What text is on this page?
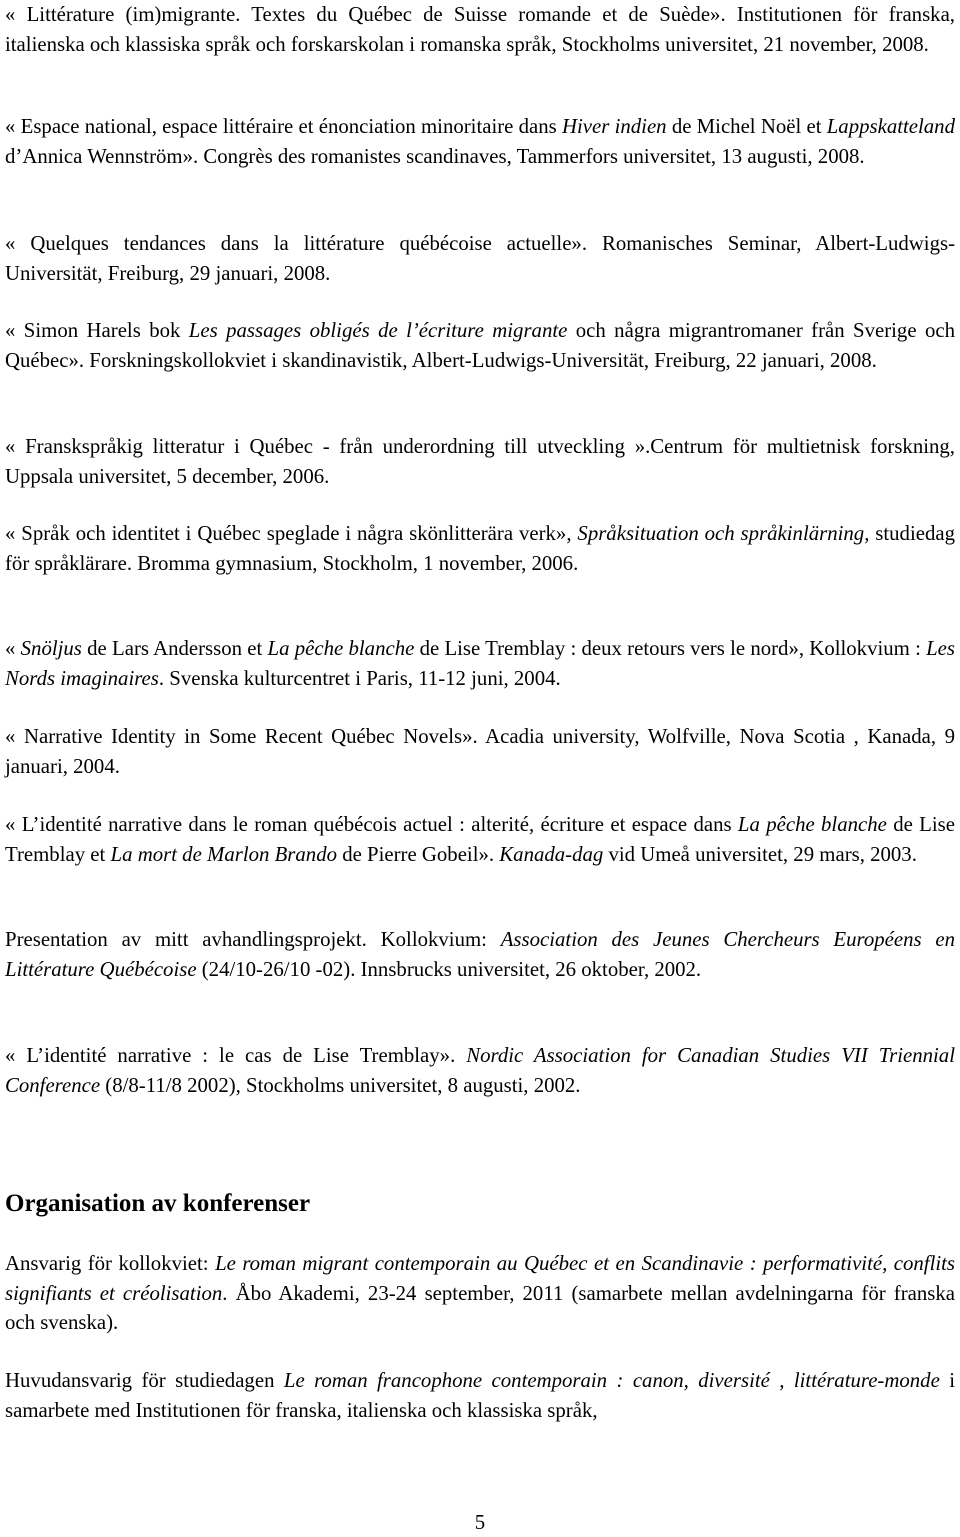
« Littérature (im)migrante. Textes du Québec de Suisse romande et de Suède». Institutionen för franska, italienska och klassiska språk och forskarskolan i romanska språk, Stockholms universitet, 21 november, 2008.

« Espace national, espace littéraire et énonciation minoritaire dans Hiver indien de Michel Noël et Lappskatteland d’Annica Wennström». Congrès des romanistes scandinaves, Tammerfors universitet, 13 augusti, 2008.

« Quelques tendances dans la littérature québécoise actuelle». Romanisches Seminar, Albert-Ludwigs-Universität, Freiburg, 29 januari, 2008.

« Simon Harels bok Les passages obligés de l’écriture migrante och några migrantromaner från Sverige och Québec». Forskningskollokviet i skandinavistik, Albert-Ludwigs-Universität, Freiburg, 22 januari, 2008.

« Franskspråkig litteratur i Québec - från underordning till utveckling ».Centrum för multietnisk forskning, Uppsala universitet, 5 december, 2006.

« Språk och identitet i Québec speglade i några skönlitterära verk», Språksituation och språkinlärning, studiedag för språklärare. Bromma gymnasium, Stockholm, 1 november, 2006.

« Snöljus de Lars Andersson et La pêche blanche de Lise Tremblay : deux retours vers le nord», Kollokvium : Les Nords imaginaires. Svenska kulturcentret i Paris, 11-12 juni, 2004.

« Narrative Identity in Some Recent Québec Novels». Acadia university, Wolfville, Nova Scotia , Kanada, 9 januari, 2004.

« L’identité narrative dans le roman québécois actuel : alterité, écriture et espace dans La pêche blanche de Lise Tremblay et La mort de Marlon Brando de Pierre Gobeil». Kanada-dag vid Umeå universitet, 29 mars, 2003.

Presentation av mitt avhandlingsprojekt. Kollokvium: Association des Jeunes Chercheurs Européens en Littérature Québécoise (24/10-26/10 -02). Innsbrucks universitet, 26 oktober, 2002.

« L’identité narrative : le cas de Lise Tremblay». Nordic Association for Canadian Studies VII Triennial Conference (8/8-11/8 2002), Stockholms universitet, 8 augusti, 2002.

Organisation av konferenser

Ansvarig för kollokviet: Le roman migrant contemporain au Québec et en Scandinavie : performativité, conflits signifiants et créolisation. Åbo Akademi, 23-24 september, 2011 (samarbete mellan avdelningarna för franska och svenska).

Huvudansvarig för studiedagen Le roman francophone contemporain : canon, diversité , littérature-monde i samarbete med Institutionen för franska, italienska och klassiska språk,

5
